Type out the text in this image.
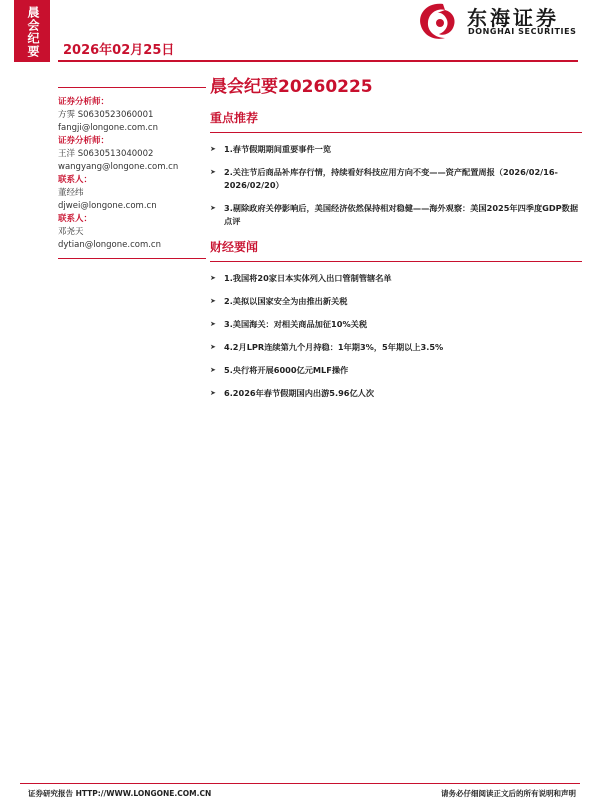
晨会纪要	2026年02月25日
东海证券
DONGHAI SECURITIES
证券分析师：
方霁 S0630523060001
fangji@longone.com.cn
证券分析师：
王洋 S0630513040002
wangyang@longone.com.cn
联系人：
董经纬
djwei@longone.com.cn
联系人：
邓尧天
dytian@longone.com.cn
晨会纪要20260225
重点推荐
➤ 1.春节假期期间重要事件一览
➤ 2.关注节后商品补库存行情，持续看好科技应用方向不变——资产配置周报（2026/02/16-2026/02/20）
➤ 3.剔除政府关停影响后，美国经济依然保持相对稳健——海外观察：美国2025年四季度GDP数据点评
财经要闻
➤ 1.我国将20家日本实体列入出口管制管辖名单
➤ 2.美拟以国家安全为由推出新关税
➤ 3.美国海关：对相关商品加征10%关税
➤ 4.2月LPR连续第九个月持稳：1年期3%，5年期以上3.5%
➤ 5.央行将开展6000亿元MLF操作
➤ 6.2026年春节假期国内出游5.96亿人次
证券研究报告 HTTP://WWW.LONGONE.COM.CN	请务必仔细阅读正文后的所有说明和声明
